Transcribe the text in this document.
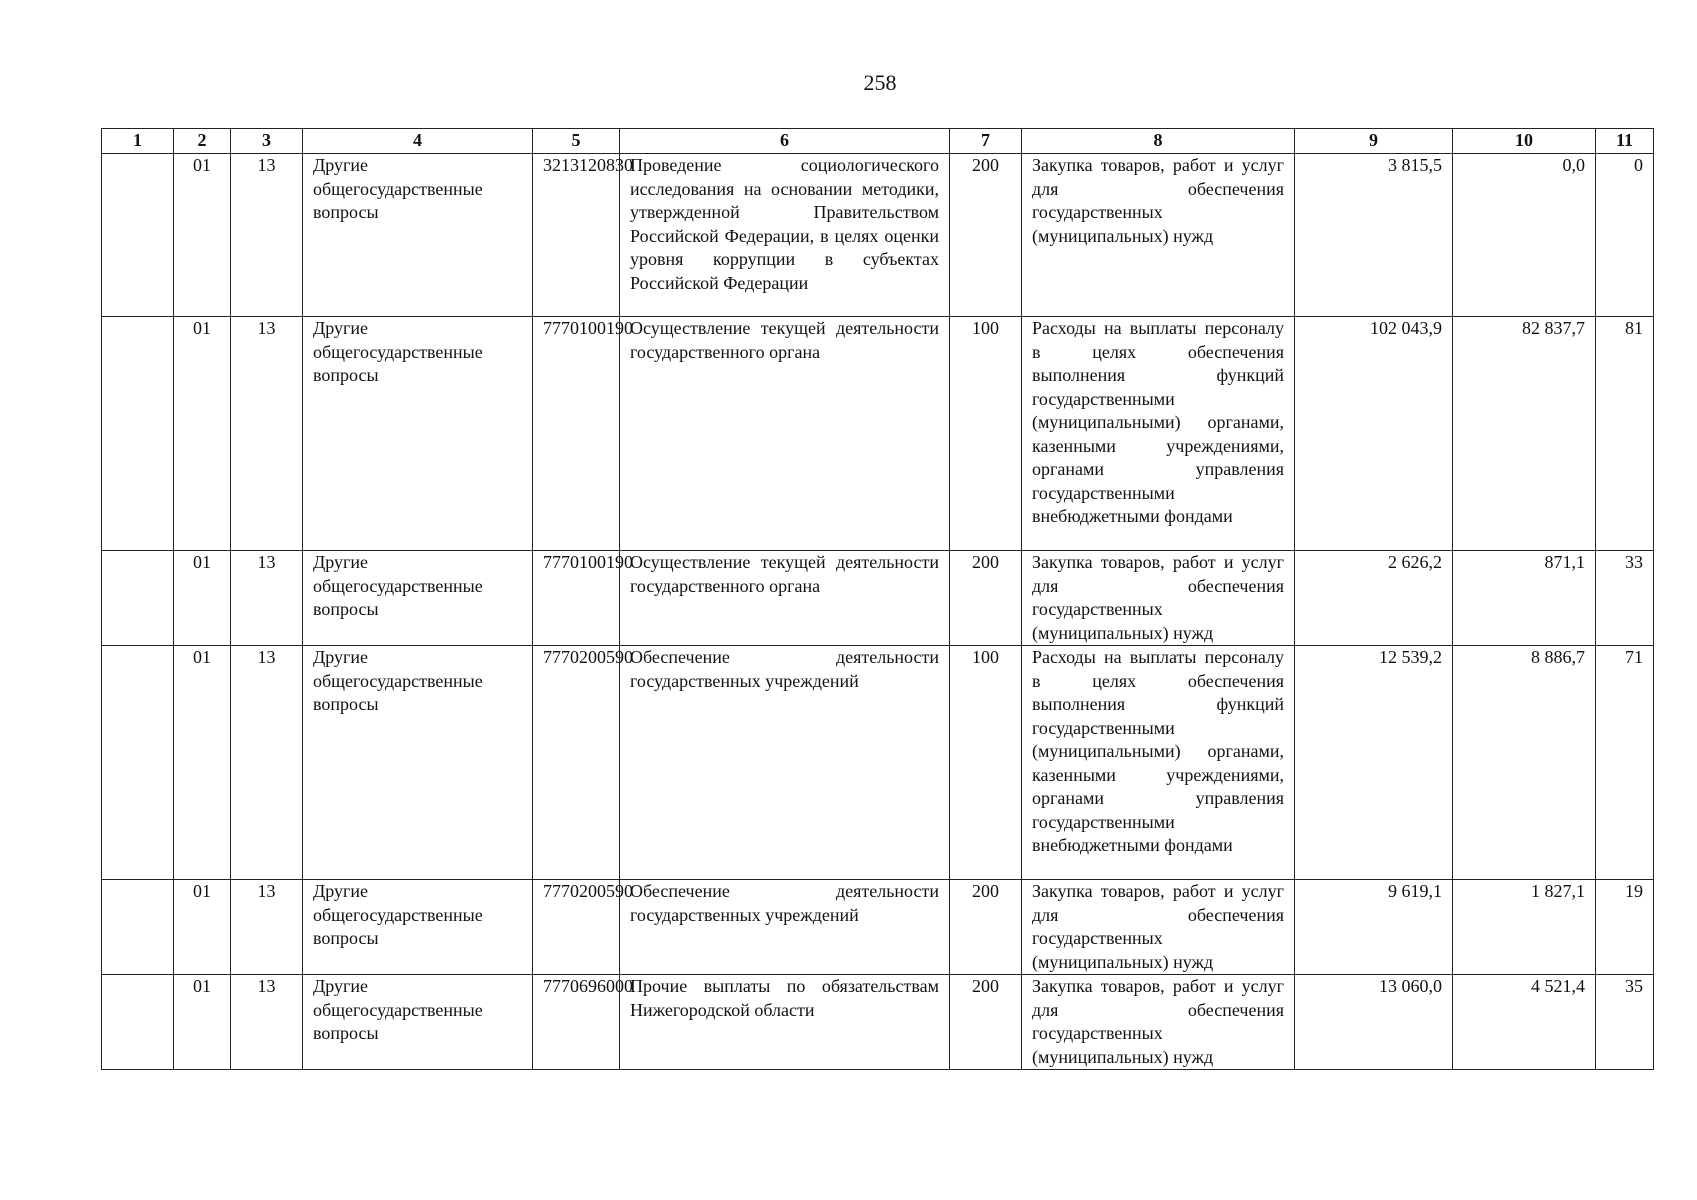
258
1	2	3	4	5	6	7	8	9	10	11
	01	13	Другие общегосударственные вопросы	3213120830	Проведение социологического исследования на основании методики, утвержденной Правительством Российской Федерации, в целях оценки уровня коррупции в субъектах Российской Федерации	200	Закупка товаров, работ и услуг для обеспечения государственных (муниципальных) нужд	3 815,5	0,0	0
	01	13	Другие общегосударственные вопросы	7770100190	Осуществление текущей деятельности государственного органа	100	Расходы на выплаты персоналу в целях обеспечения выполнения функций государственными (муниципальными) органами, казенными учреждениями, органами управления государственными внебюджетными фондами	102 043,9	82 837,7	81
	01	13	Другие общегосударственные вопросы	7770100190	Осуществление текущей деятельности государственного органа	200	Закупка товаров, работ и услуг для обеспечения государственных (муниципальных) нужд	2 626,2	871,1	33
	01	13	Другие общегосударственные вопросы	7770200590	Обеспечение деятельности государственных учреждений	100	Расходы на выплаты персоналу в целях обеспечения выполнения функций государственными (муниципальными) органами, казенными учреждениями, органами управления государственными внебюджетными фондами	12 539,2	8 886,7	71
	01	13	Другие общегосударственные вопросы	7770200590	Обеспечение деятельности государственных учреждений	200	Закупка товаров, работ и услуг для обеспечения государственных (муниципальных) нужд	9 619,1	1 827,1	19
	01	13	Другие общегосударственные вопросы	7770696000	Прочие выплаты по обязательствам Нижегородской области	200	Закупка товаров, работ и услуг для обеспечения государственных (муниципальных) нужд	13 060,0	4 521,4	35
